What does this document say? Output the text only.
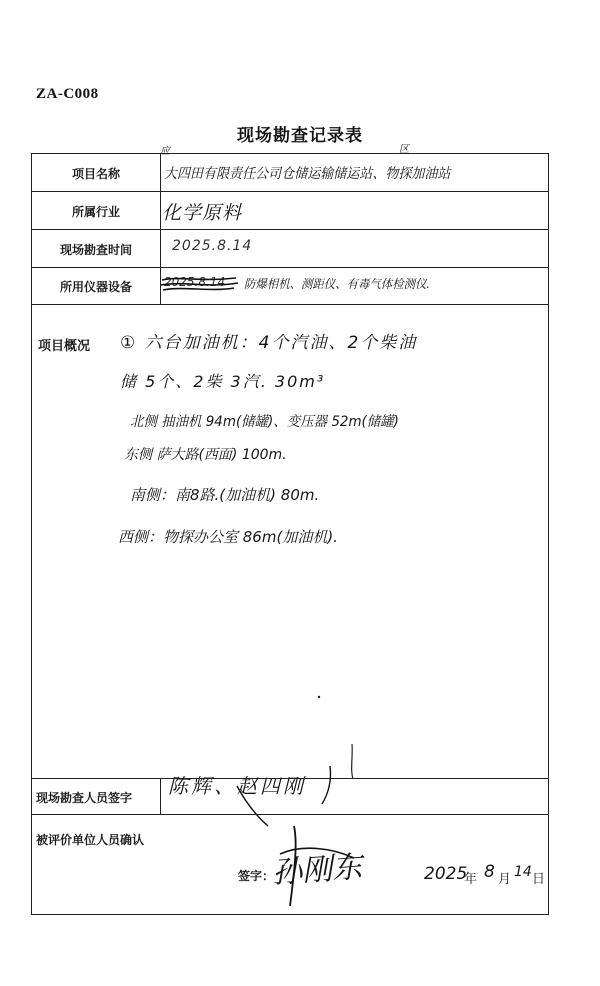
ZA-C008
现场勘查记录表
项目名称
所属行业
现场勘查时间
所用仪器设备
项目概况
现场勘查人员签字
被评价单位人员确认
签字：
大四田有限责任公司仓储运输储运站、物探加油站
应	区
化学原料
2025.8.14
2025.8.14 防爆相机、测距仪、有毒气体检测仪.
① 六台加油机：4个汽油、2个柴油
储 5个、2柴 3汽. 30m³
北侧 抽油机 94m(储罐)、变压器 52m(储罐)
东侧 萨大路(西面) 100m.
南侧：南8路.(加油机) 80m.
西侧：物探办公室 86m(加油机).
陈辉、赵四刚
孙刚东	2025
年 8 月 14 日
